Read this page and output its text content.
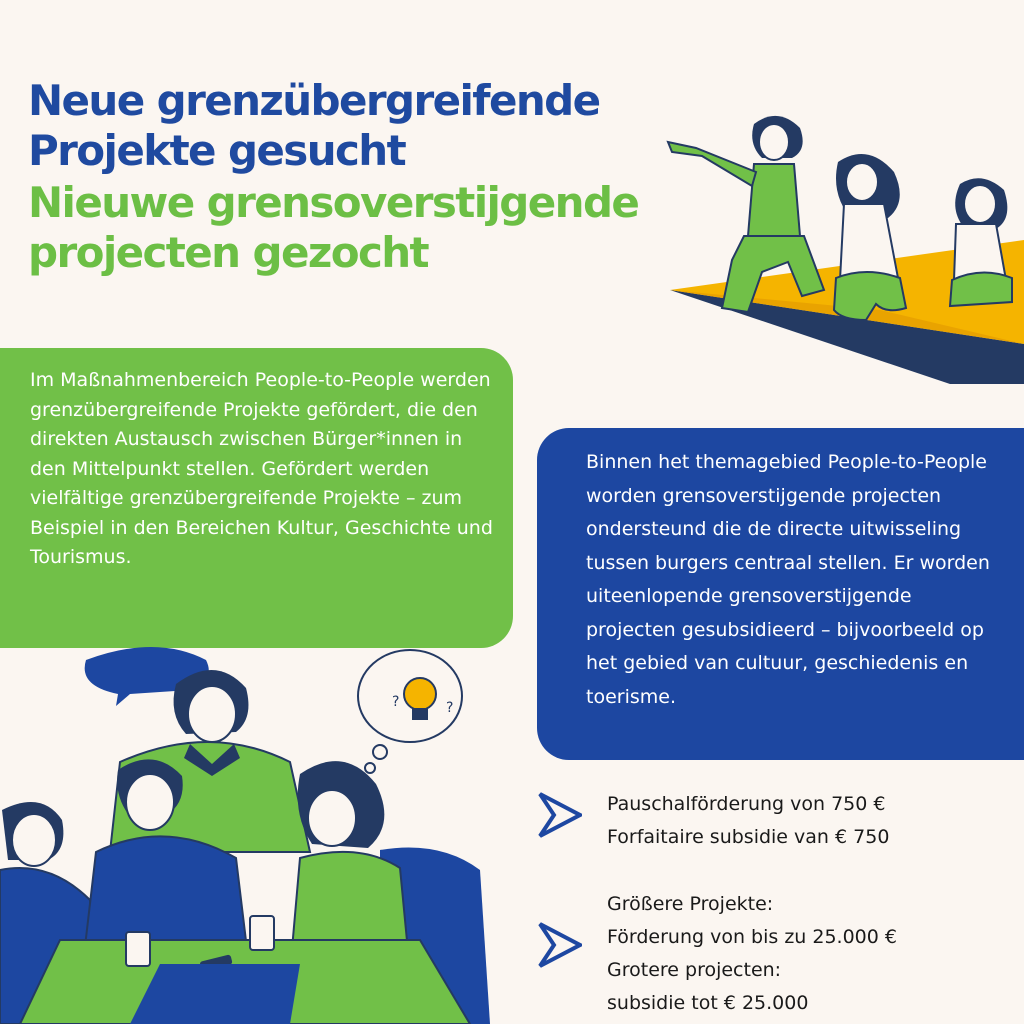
Neue grenzübergreifende
Projekte gesucht
Nieuwe grensoverstijgende
projecten gezocht

Im Maßnahmenbereich People-to-People werden grenzübergreifende Projekte gefördert, die den direkten Austausch zwischen Bürger*innen in den Mittelpunkt stellen. Gefördert werden vielfältige grenzübergreifende Projekte – zum Beispiel in den Bereichen Kultur, Geschichte und Tourismus.

Binnen het themagebied People-to-People worden grensoverstijgende projecten ondersteund die de directe uitwisseling tussen burgers centraal stellen. Er worden uiteenlopende grensoverstijgende projecten gesubsidieerd – bijvoorbeeld op het gebied van cultuur, geschiedenis en toerisme.

?	?

Pauschalförderung von 750 €
Forfaitaire subsidie van € 750

Größere Projekte:
Förderung von bis zu 25.000 €
Grotere projecten:
subsidie tot € 25.000
